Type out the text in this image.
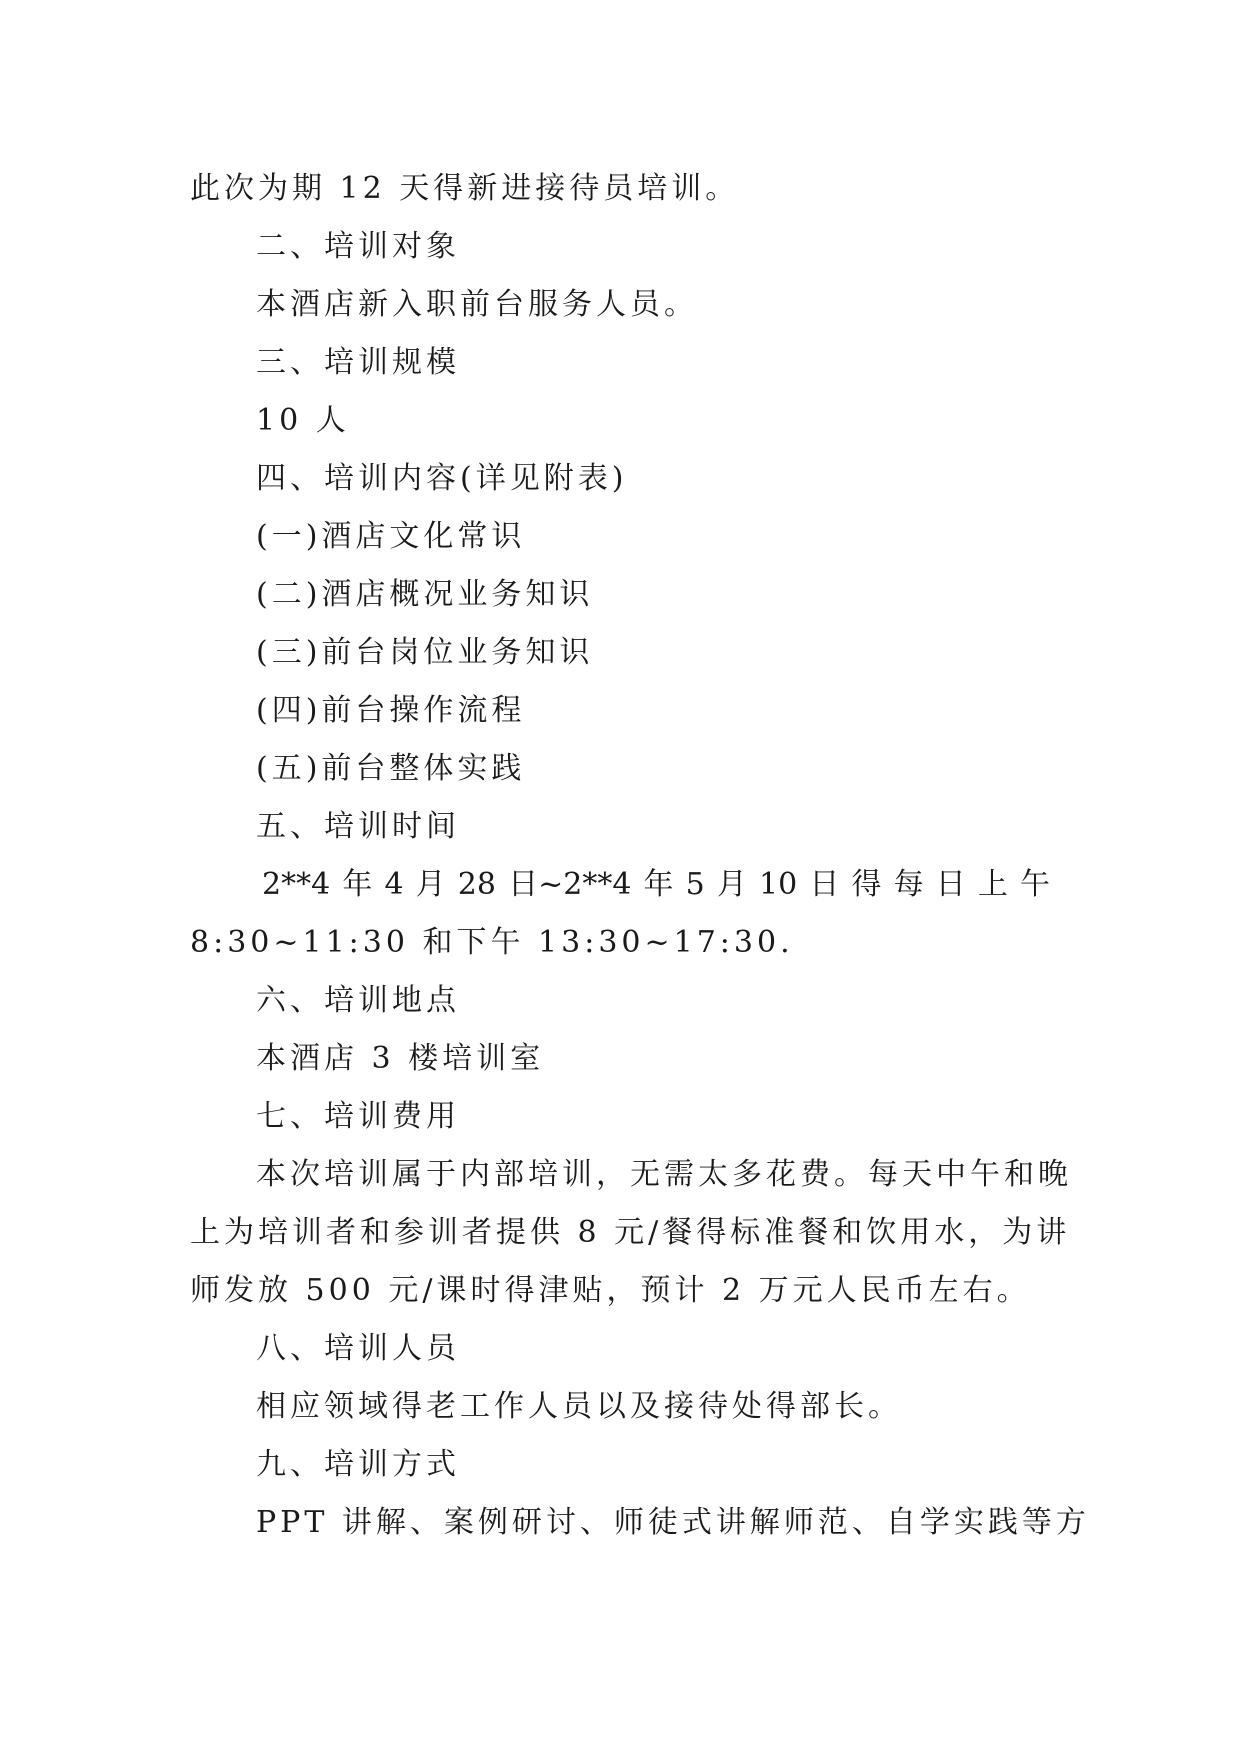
此次为期 12 天得新进接待员培训。
二、培训对象
本酒店新入职前台服务人员。
三、培训规模
10 人
四、培训内容(详见附表)
(一)酒店文化常识
(二)酒店概况业务知识
(三)前台岗位业务知识
(四)前台操作流程
(五)前台整体实践
五、培训时间
2**4 年 4 月 28 日~2**4 年 5 月 10 日 得 每 日 上 午
8:30~11:30 和下午 13:30~17:30.
六、培训地点
本酒店 3 楼培训室
七、培训费用
本次培训属于内部培训，无需太多花费。每天中午和晚
上为培训者和参训者提供 8 元/餐得标准餐和饮用水，为讲
师发放 500 元/课时得津贴，预计 2 万元人民币左右。
八、培训人员
相应领域得老工作人员以及接待处得部长。
九、培训方式
PPT 讲解、案例研讨、师徒式讲解师范、自学实践等方
